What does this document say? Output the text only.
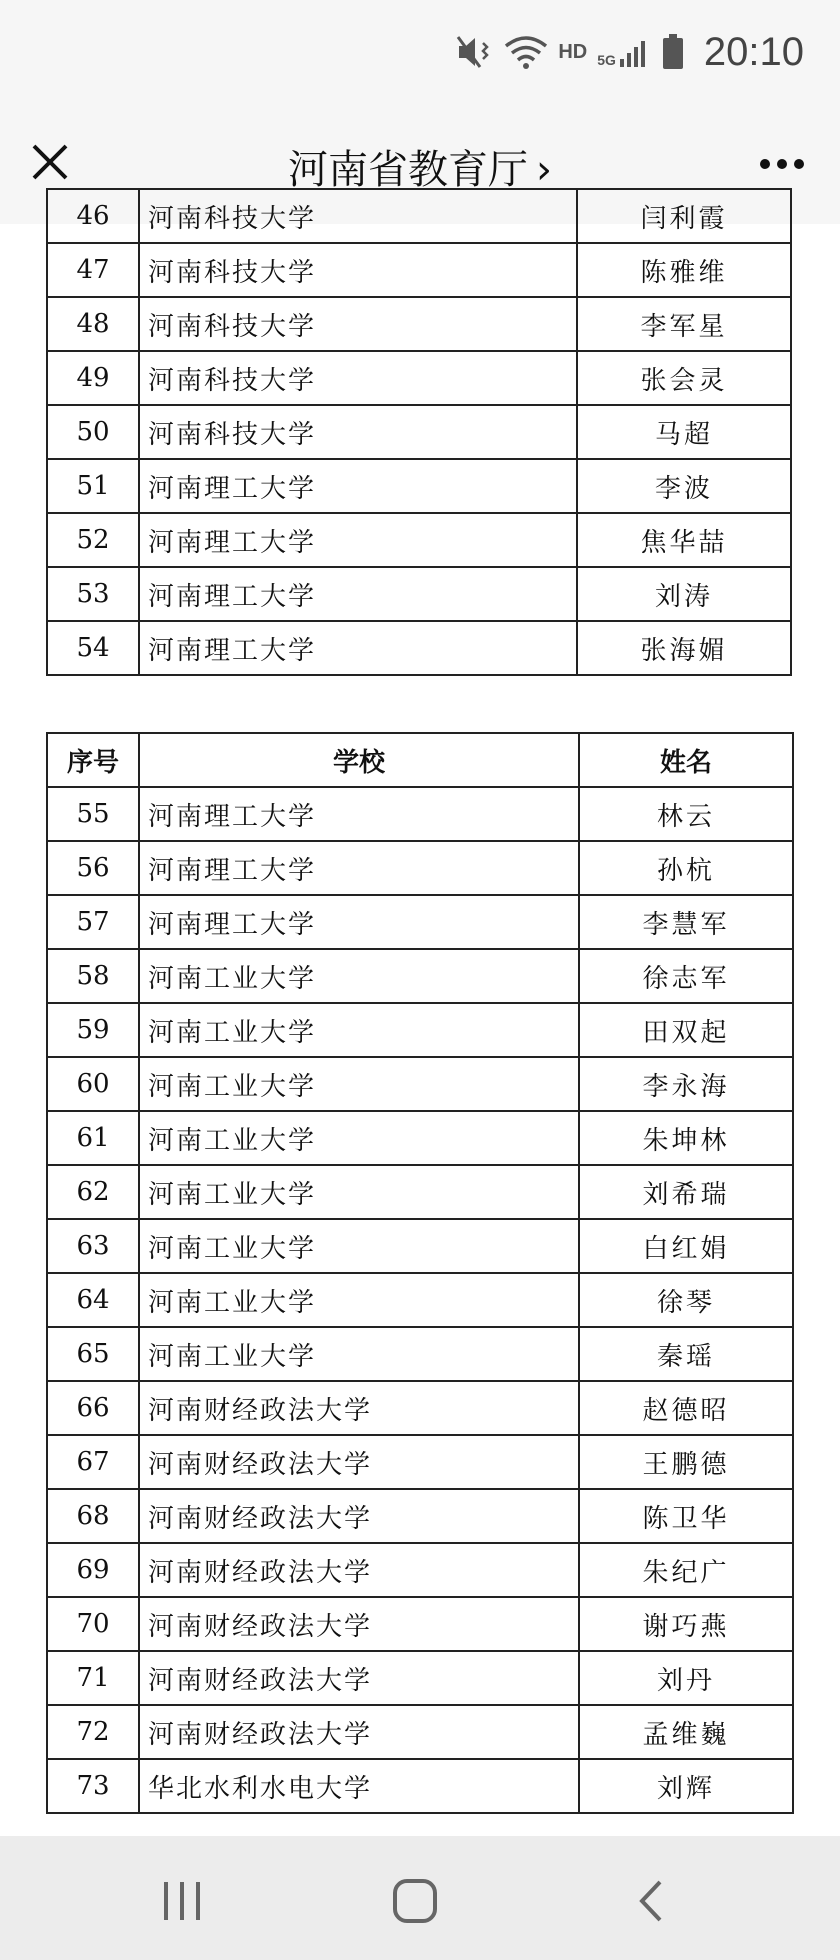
HD 5G 20:10
河南省教育厅 ›
46	河南科技大学	闫利霞
47	河南科技大学	陈雅维
48	河南科技大学	李军星
49	河南科技大学	张会灵
50	河南科技大学	马超
51	河南理工大学	李波
52	河南理工大学	焦华喆
53	河南理工大学	刘涛
54	河南理工大学	张海媚
序号	学校	姓名
55	河南理工大学	林云
56	河南理工大学	孙杭
57	河南理工大学	李慧军
58	河南工业大学	徐志军
59	河南工业大学	田双起
60	河南工业大学	李永海
61	河南工业大学	朱坤林
62	河南工业大学	刘希瑞
63	河南工业大学	白红娟
64	河南工业大学	徐琴
65	河南工业大学	秦瑶
66	河南财经政法大学	赵德昭
67	河南财经政法大学	王鹏德
68	河南财经政法大学	陈卫华
69	河南财经政法大学	朱纪广
70	河南财经政法大学	谢巧燕
71	河南财经政法大学	刘丹
72	河南财经政法大学	孟维巍
73	华北水利水电大学	刘辉
